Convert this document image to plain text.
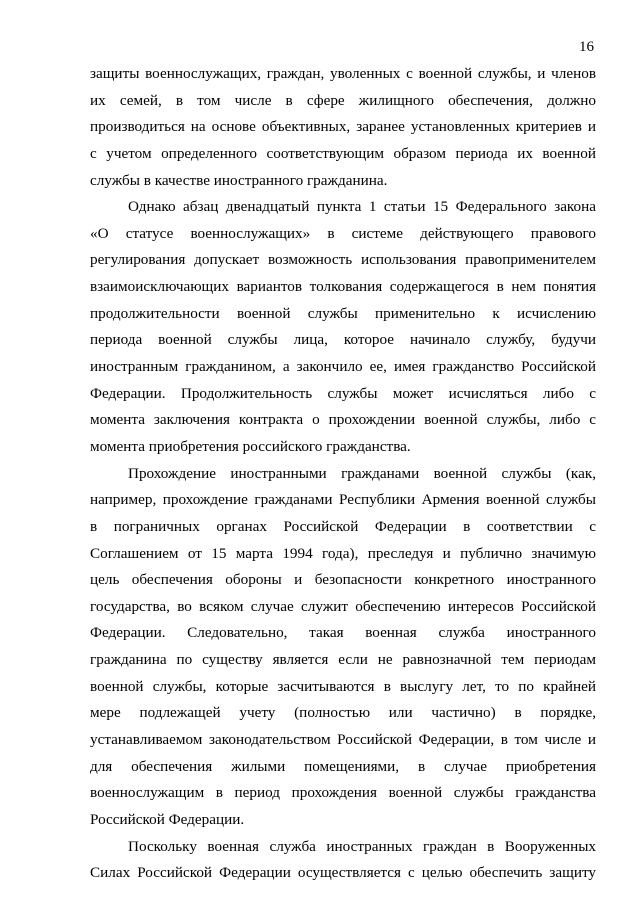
16
защиты военнослужащих, граждан, уволенных с военной службы, и членов
их семей, в том числе в сфере жилищного обеспечения, должно
производиться на основе объективных, заранее установленных критериев и
с учетом определенного соответствующим образом периода их военной
службы в качестве иностранного гражданина.
Однако абзац двенадцатый пункта 1 статьи 15 Федерального закона
«О статусе военнослужащих» в системе действующего правового
регулирования допускает возможность использования правоприменителем
взаимоисключающих вариантов толкования содержащегося в нем понятия
продолжительности военной службы применительно к исчислению
периода военной службы лица, которое начинало службу, будучи
иностранным гражданином, а закончило ее, имея гражданство Российской
Федерации. Продолжительность службы может исчисляться либо с
момента заключения контракта о прохождении военной службы, либо с
момента приобретения российского гражданства.
Прохождение иностранными гражданами военной службы (как,
например, прохождение гражданами Республики Армения военной службы
в пограничных органах Российской Федерации в соответствии с
Соглашением от 15 марта 1994 года), преследуя и публично значимую
цель обеспечения обороны и безопасности конкретного иностранного
государства, во всяком случае служит обеспечению интересов Российской
Федерации. Следовательно, такая военная служба иностранного
гражданина по существу является если не равнозначной тем периодам
военной службы, которые засчитываются в выслугу лет, то по крайней
мере подлежащей учету (полностью или частично) в порядке,
устанавливаемом законодательством Российской Федерации, в том числе и
для обеспечения жилыми помещениями, в случае приобретения
военнослужащим в период прохождения военной службы гражданства
Российской Федерации.
Поскольку военная служба иностранных граждан в Вооруженных
Силах Российской Федерации осуществляется с целью обеспечить защиту
